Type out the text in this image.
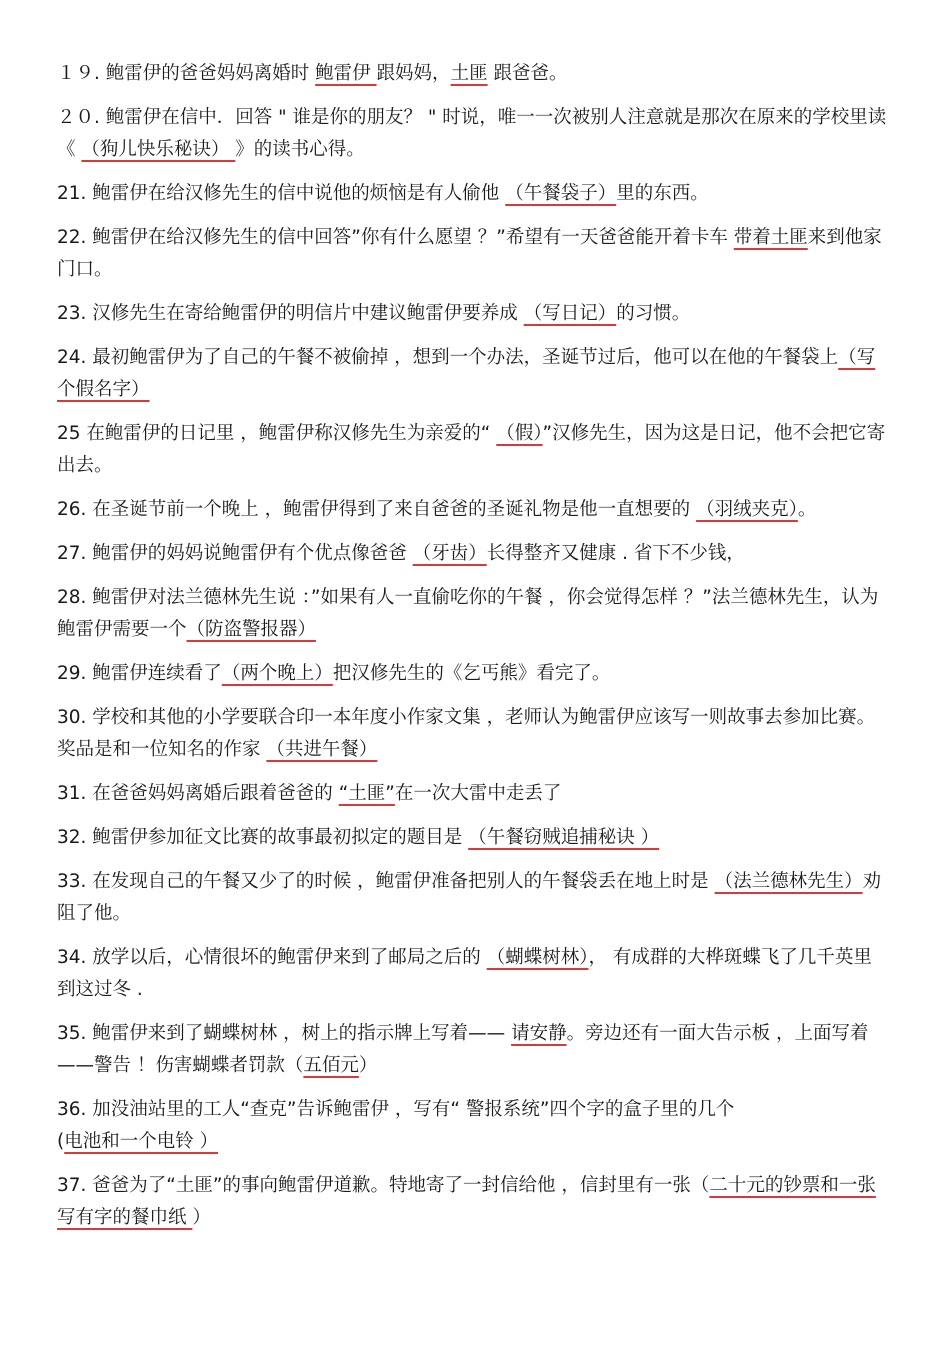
１９. 鲍雷伊的爸爸妈妈离婚时 鲍雷伊 跟妈妈，土匪 跟爸爸。

２０. 鲍雷伊在信中．回答 " 谁是你的朋友？ " 时说，唯一一次被别人注意就是那次在原来的学校里读《 （狗儿快乐秘诀） 》的读书心得。

21. 鲍雷伊在给汉修先生的信中说他的烦恼是有人偷他 （午餐袋子）里的东西。

22. 鲍雷伊在给汉修先生的信中回答”你有什么愿望 ？”希望有一天爸爸能开着卡车 带着土匪来到他家门口。

23. 汉修先生在寄给鲍雷伊的明信片中建议鲍雷伊要养成 （写日记）的习惯。

24. 最初鲍雷伊为了自己的午餐不被偷掉 ，想到一个办法，圣诞节过后，他可以在他的午餐袋上（写个假名字）

25 在鲍雷伊的日记里 ，鲍雷伊称汉修先生为亲爱的“ （假）”汉修先生，因为这是日记，他不会把它寄出去。

26. 在圣诞节前一个晚上 ，鲍雷伊得到了来自爸爸的圣诞礼物是他一直想要的 （羽绒夹克）。

27. 鲍雷伊的妈妈说鲍雷伊有个优点像爸爸 （牙齿）长得整齐又健康 . 省下不少钱，

28. 鲍雷伊对法兰德林先生说 ：”如果有人一直偷吃你的午餐 ，你会觉得怎样 ？”法兰德林先生，认为鲍雷伊需要一个（防盗警报器）

29. 鲍雷伊连续看了（两个晚上）把汉修先生的《乞丐熊》看完了。

30. 学校和其他的小学要联合印一本年度小作家文集 ，老师认为鲍雷伊应该写一则故事去参加比赛。奖品是和一位知名的作家 （共进午餐）

31. 在爸爸妈妈离婚后跟着爸爸的 “土匪”在一次大雷中走丢了

32. 鲍雷伊参加征文比赛的故事最初拟定的题目是 （午餐窃贼追捕秘诀 ）

33. 在发现自己的午餐又少了的时候 ，鲍雷伊准备把别人的午餐袋丢在地上时是 （法兰德林先生）劝阻了他。

34. 放学以后，心情很坏的鲍雷伊来到了邮局之后的 （蝴蝶树林）， 有成群的大桦斑蝶飞了几千英里到这过冬 .

35. 鲍雷伊来到了蝴蝶树林 ，树上的指示牌上写着—— 请安静。旁边还有一面大告示板 ，上面写着——警告 ！伤害蝴蝶者罚款（五佰元）

36. 加没油站里的工人“查克”告诉鲍雷伊 ，写有“ 警报系统”四个字的盒子里的几个(电池和一个电铃 ）

37. 爸爸为了“土匪”的事向鲍雷伊道歉。特地寄了一封信给他 ，信封里有一张（二十元的钞票和一张写有字的餐巾纸 ）
